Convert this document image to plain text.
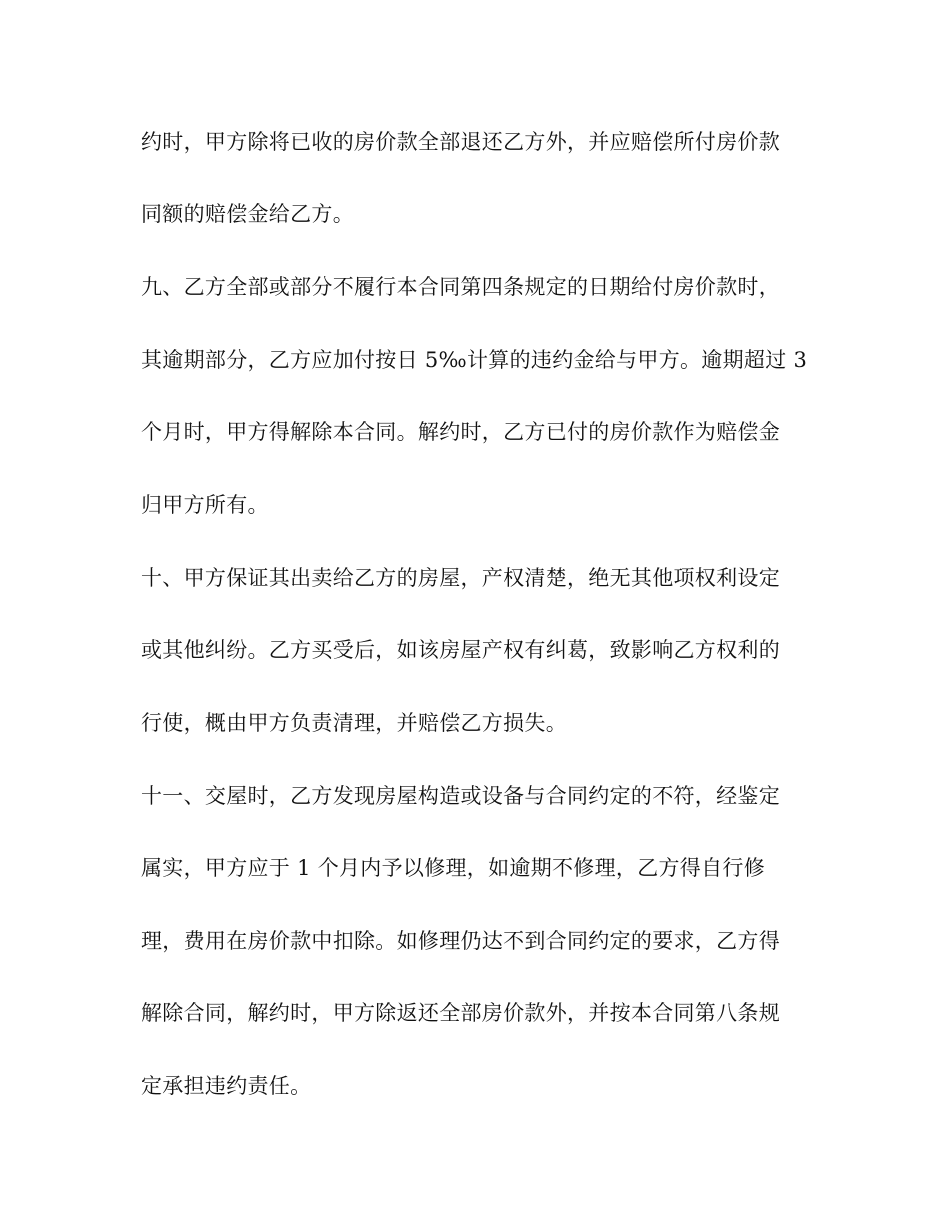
约时，甲方除将已收的房价款全部退还乙方外，并应赔偿所付房价款
同额的赔偿金给乙方。
九、乙方全部或部分不履行本合同第四条规定的日期给付房价款时，
其逾期部分，乙方应加付按日 5‰计算的违约金给与甲方。逾期超过 3
个月时，甲方得解除本合同。解约时，乙方已付的房价款作为赔偿金
归甲方所有。
十、甲方保证其出卖给乙方的房屋，产权清楚，绝无其他项权利设定
或其他纠纷。乙方买受后，如该房屋产权有纠葛，致影响乙方权利的
行使，概由甲方负责清理，并赔偿乙方损失。
十一、交屋时，乙方发现房屋构造或设备与合同约定的不符，经鉴定
属实，甲方应于 1 个月内予以修理，如逾期不修理，乙方得自行修
理，费用在房价款中扣除。如修理仍达不到合同约定的要求，乙方得
解除合同，解约时，甲方除返还全部房价款外，并按本合同第八条规
定承担违约责任。
